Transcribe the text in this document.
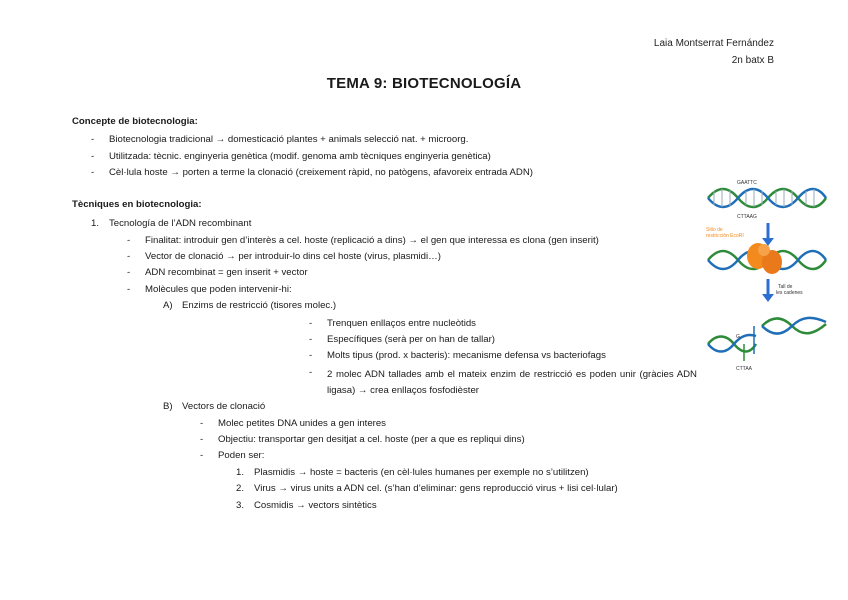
Laia Montserrat Fernández
2n batx B
TEMA 9: BIOTECNOLOGÍA
Concepte de biotecnologia:
- Biotecnologia tradicional → domesticació plantes + animals selecció nat. + microorg.
- Utilitzada: tècnic. enginyeria genètica (modif. genoma amb tècniques enginyeria genètica)
- Cèl·lula hoste → porten a terme la clonació (creixement ràpid, no patògens, afavoreix entrada ADN)
Tècniques en biotecnologia:
1. Tecnología de l’ADN recombinant
- Finalitat: introduir gen d’interès a cel. hoste (replicació a dins) → el gen que interessa es clona (gen inserit)
- Vector de clonació → per introduir-lo dins cel hoste (virus, plasmidi…)
- ADN recombinat = gen inserit + vector
- Molècules que poden intervenir-hi:
A) Enzims de restricció (tisores molec.)
- Trenquen enllaços entre nucleòtids
- Específiques (serà per on han de tallar)
- Molts tipus (prod. x bacteris): mecanisme defensa vs bacteriofags
- 2 molec ADN tallades amb el mateix enzim de restricció es poden unir (gràcies ADN ligasa) → crea enllaços fosfodièster
B) Vectors de clonació
- Molec petites DNA unides a gen interes
- Objectiu: transportar gen desitjat a cel. hoste (per a que es repliqui dins)
- Poden ser:
1. Plasmidis → hoste = bacteris (en cèl·lules humanes per exemple no s’utilitzen)
2. Virus → virus units a ADN cel. (s’han d’eliminar: gens reproducció virus + lisi cel·lular)
3. Cosmidis → vectors sintètics
GAATTC
CTTAAG
Sitio de restricción EcoRI
Tall de les cadenes
G
CTTAA
